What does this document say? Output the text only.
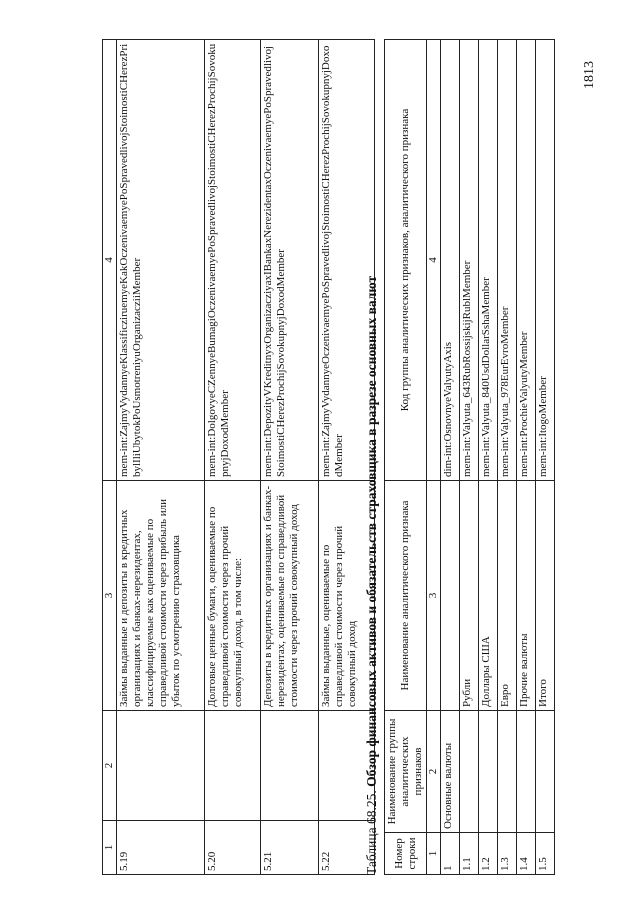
1813
1	2	3	4
5.19		Займы выданные и депозиты в кредитных организациях и банках-нерезидентах, классифицируемые как оцениваемые по справедливой стоимости через прибыль или убыток по усмотрению страховщика	mem-int:ZajmyVydannyeKlassificziruemyeKakOczenivaemyePoSpravedlivojStoimostiCHerezPribylIliUbytokPoUsmotreniyuOrganizacziiMember
5.20		Долговые ценные бумаги, оцениваемые по справедливой стоимости через прочий совокупный доход, в том числе:	mem-int:DolgovyeCZennyeBumagiOczenivaemyePoSpravedlivojStoimostiCHerezProchijSovokupnyjDoxodMember
5.21		Депозиты в кредитных организациях и банках-нерезидентах, оцениваемые по справедливой стоимости через прочий совокупный доход	mem-int:DepozityVKreditnyxOrganizacziyaxIBankaxNerezidentaxOczenivaemyePoSpravedlivojStoimostiCHerezProchijSovokupnyjDoxodMember
5.22		Займы выданные, оцениваемые по справедливой стоимости через прочий совокупный доход	mem-int:ZajmyVydannyeOczenivaemyePoSpravedlivojStoimostiCHerezProchijSovokupnyjDoxodMember
Таблица 68.25. Обзор финансовых активов и обязательств страховщика в разрезе основных валют
Номер строки	Наименование группы аналитических признаков	Наименование аналитического признака	Код группы аналитических признаков, аналитического признака
1	2	3	4
1	Основные валюты		dim-int:OsnovnyeValyutyAxis
1.1		Рубли	mem-int:Valyuta_643RubRossijskijRublMember
1.2		Доллары США	mem-int:Valyuta_840UsdDollarSshaMember
1.3		Евро	mem-int:Valyuta_978EurEvroMember
1.4		Прочие валюты	mem-int:ProchieValyutyMember
1.5		Итого	mem-int:ItogoMember
